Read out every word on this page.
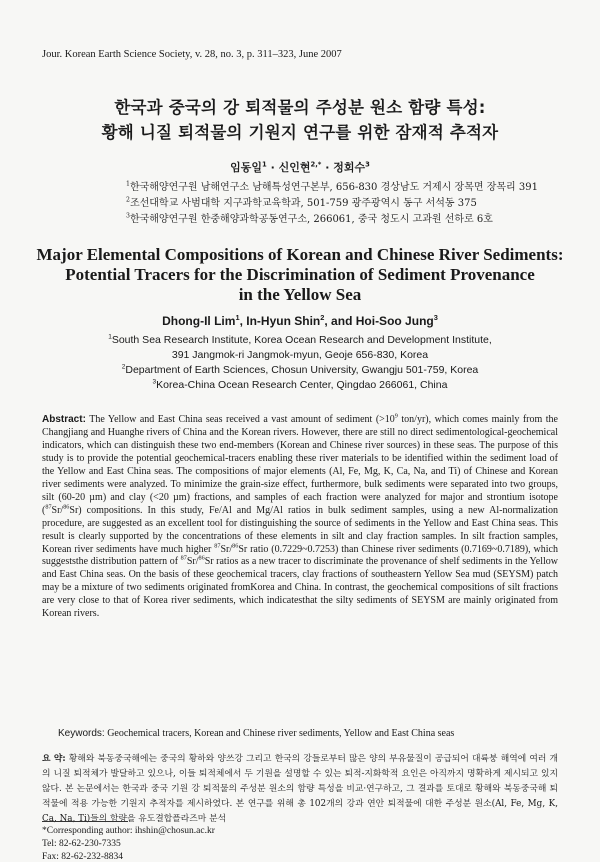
Jour. Korean Earth Science Society, v. 28, no. 3, p. 311–323, June 2007
한국과 중국의 강 퇴적물의 주성분 원소 함량 특성:
황해 니질 퇴적물의 기원지 연구를 위한 잠재적 추적자
임동일$^1$ · 신인현$^{2,*}$ · 정회수$^3$
$^1$한국해양연구원 남해연구소 남해특성연구본부, 656-830 경상남도 거제시 장목면 장목리 391
$^2$조선대학교 사범대학 지구과학교육학과, 501-759 광주광역시 동구 서석동 375
$^3$한국해양연구원 한중해양과학공동연구소, 266061, 중국 청도시 고과원 선하로 6호
Major Elemental Compositions of Korean and Chinese River Sediments:
Potential Tracers for the Discrimination of Sediment Provenance
in the Yellow Sea
Dhong-Il Lim$^1$, In-Hyun Shin$^2$, and Hoi-Soo Jung$^3$
$^1$South Sea Research Institute, Korea Ocean Research and Development Institute,
391 Jangmok-ri Jangmok-myun, Geoje 656-830, Korea
$^2$Department of Earth Sciences, Chosun University, Gwangju 501-759, Korea
$^3$Korea-China Ocean Research Center, Qingdao 266061, China
Abstract: The Yellow and East China seas received a vast amount of sediment ($>10^9$ ton/yr), which comes mainly from the Changjiang and Huanghe rivers of China and the Korean rivers. However, there are still no direct sedimentological-geochemical indicators, which can distinguish these two end-members (Korean and Chinese river sources) in these seas. The purpose of this study is to provide the potential geochemical-tracers enabling these river materials to be identified within the sediment load of the Yellow and East China seas. The compositions of major elements (Al, Fe, Mg, K, Ca, Na, and Ti) of Chinese and Korean river sediments were analyzed. To minimize the grain-size effect, furthermore, bulk sediments were separated into two groups, silt (60-20 µm) and clay (<20 µm) fractions, and samples of each fraction were analyzed for major and strontium isotope ($^{87}$Sr/$^{86}$Sr) compositions. In this study, Fe/Al and Mg/Al ratios in bulk sediment samples, using a new Al-normalization procedure, are suggested as an excellent tool for distinguishing the source of sediments in the Yellow and East China seas. This result is clearly supported by the concentrations of these elements in silt and clay fraction samples. In silt fraction samples, Korean river sediments have much higher $^{87}$Sr/$^{86}$Sr ratio (0.7229~0.7253) than Chinese river sediments (0.7169~0.7189), which suggeststhe distribution pattern of $^{87}$Sr/$^{86}$Sr ratios as a new tracer to discriminate the provenance of shelf sediments in the Yellow and East China seas. On the basis of these geochemical tracers, clay fractions of southeastern Yellow Sea mud (SEYSM) patch may be a mixture of two sediments originated fromKorea and China. In contrast, the geochemical compositions of silt fractions are very close to that of Korea river sediments, which indicatesthat the silty sediments of SEYSM are mainly originated from Korean rivers.
Keywords: Geochemical tracers, Korean and Chinese river sediments, Yellow and East China seas
요 약: 황해와 북동중국해에는 중국의 황하와 양쓰강 그리고 한국의 강들로부터 많은 양의 부유물질이 공급되어 대륙붕 해역에 여러 개의 니질 퇴적체가 발달하고 있으나, 이들 퇴적체에서 두 기원을 설명할 수 있는 퇴적-지화학적 요인은 아직까지 명확하게 제시되고 있지 않다. 본 논문에서는 한국과 중국 기원 강 퇴적물의 주성분 원소의 함량 특성을 비교·연구하고, 그 결과를 토대로 황해와 북동중국해 퇴적물에 적용 가능한 기원지 추적자를 제시하였다. 본 연구를 위해 총 102개의 강과 연안 퇴적물에 대한 주성분 원소(Al, Fe, Mg, K, Ca, Na, Ti)들의 함량을 유도결합플라즈마 분석
*Corresponding author: ihshin@chosun.ac.kr
Tel: 82-62-230-7335
Fax: 82-62-232-8834
